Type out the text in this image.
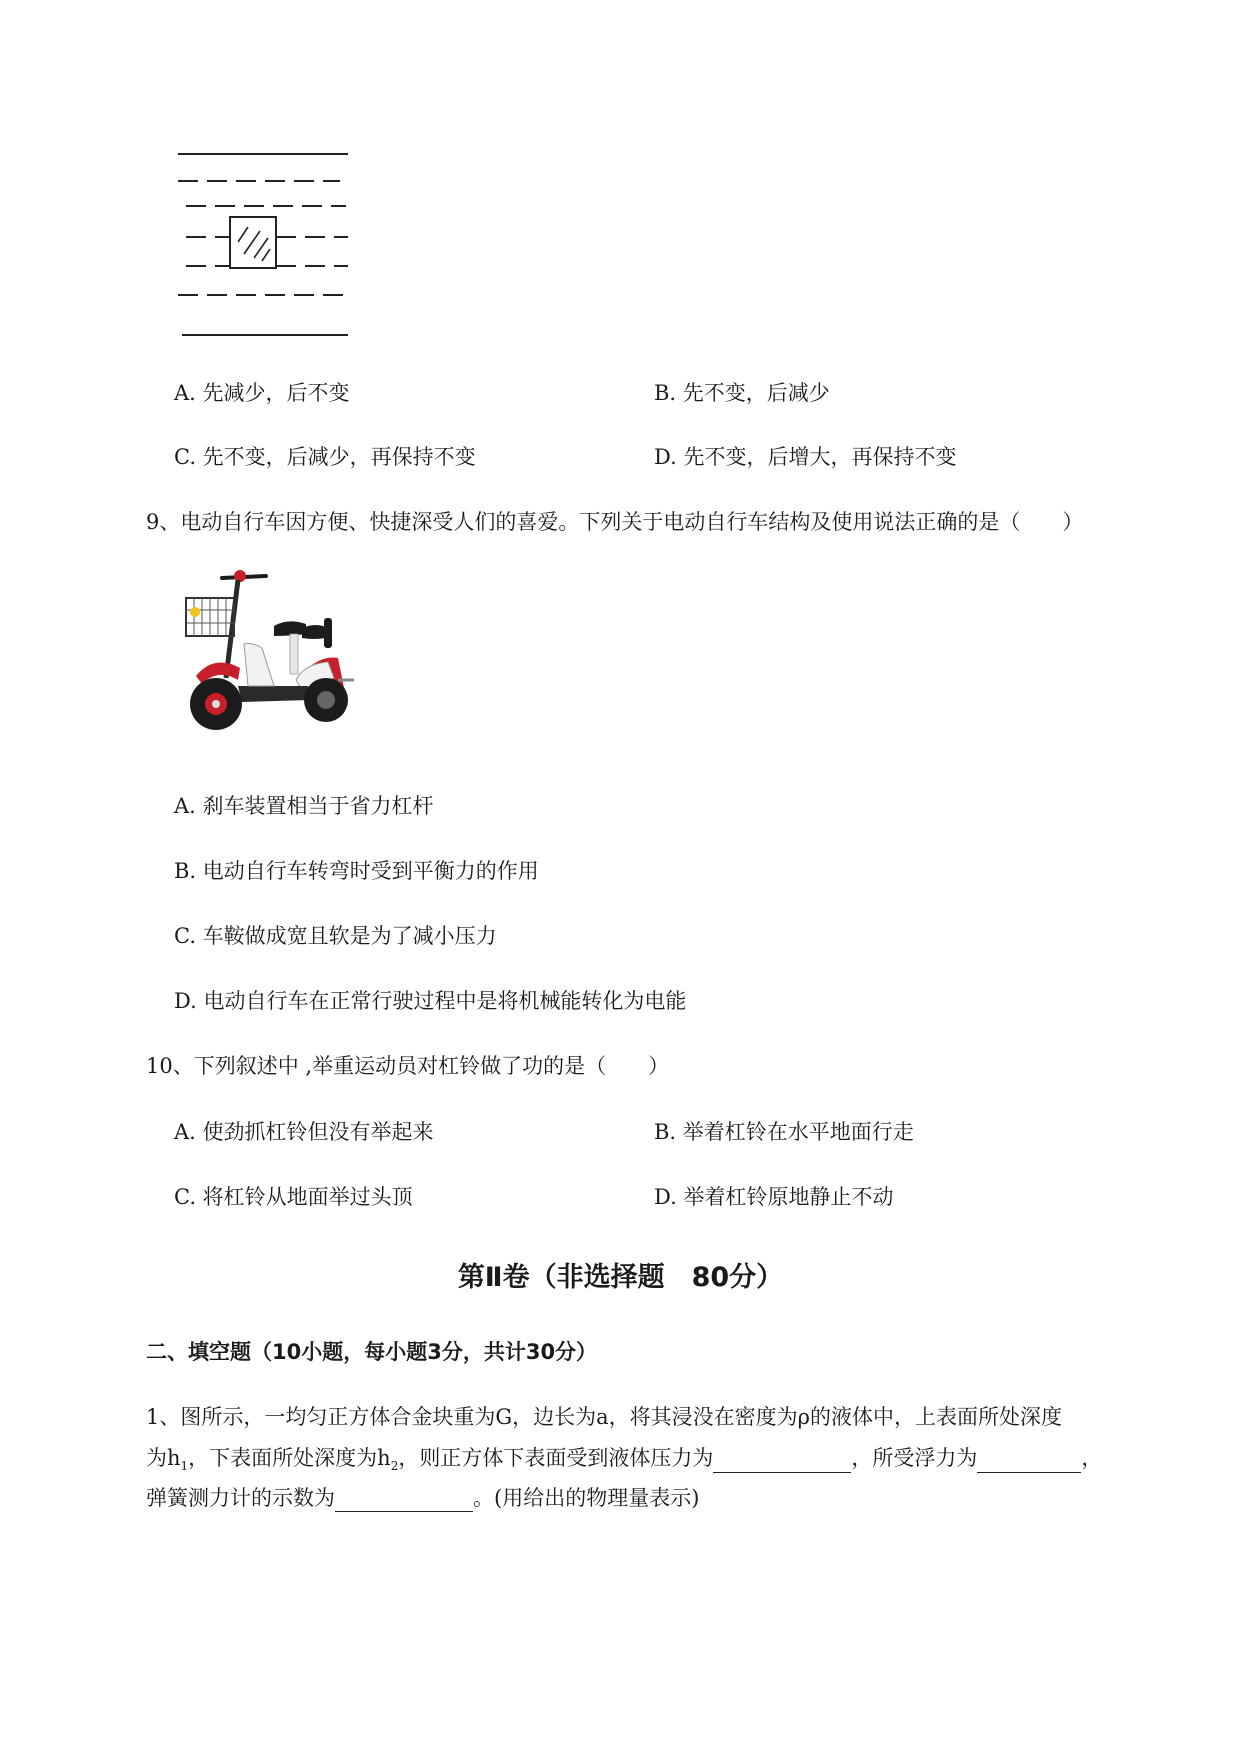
A. 先减少，后不变	B. 先不变，后减少
C. 先不变，后减少，再保持不变	D. 先不变，后增大，再保持不变
9、电动自行车因方便、快捷深受人们的喜爱。下列关于电动自行车结构及使用说法正确的是（　　）
A. 刹车装置相当于省力杠杆
B. 电动自行车转弯时受到平衡力的作用
C. 车鞍做成宽且软是为了减小压力
D. 电动自行车在正常行驶过程中是将机械能转化为电能
10、下列叙述中 ,举重运动员对杠铃做了功的是（　　）
A. 使劲抓杠铃但没有举起来	B. 举着杠铃在水平地面行走
C. 将杠铃从地面举过头顶	D. 举着杠铃原地静止不动
第Ⅱ卷（非选择题　80分）
二、填空题（10小题，每小题3分，共计30分）
1、图所示，一均匀正方体合金块重为G，边长为a，将其浸没在密度为ρ的液体中，上表面所处深度
为$h_1$，下表面所处深度为$h_2$，则正方体下表面受到液体压力为	，所受浮力为	，
弹簧测力计的示数为	。(用给出的物理量表示)
